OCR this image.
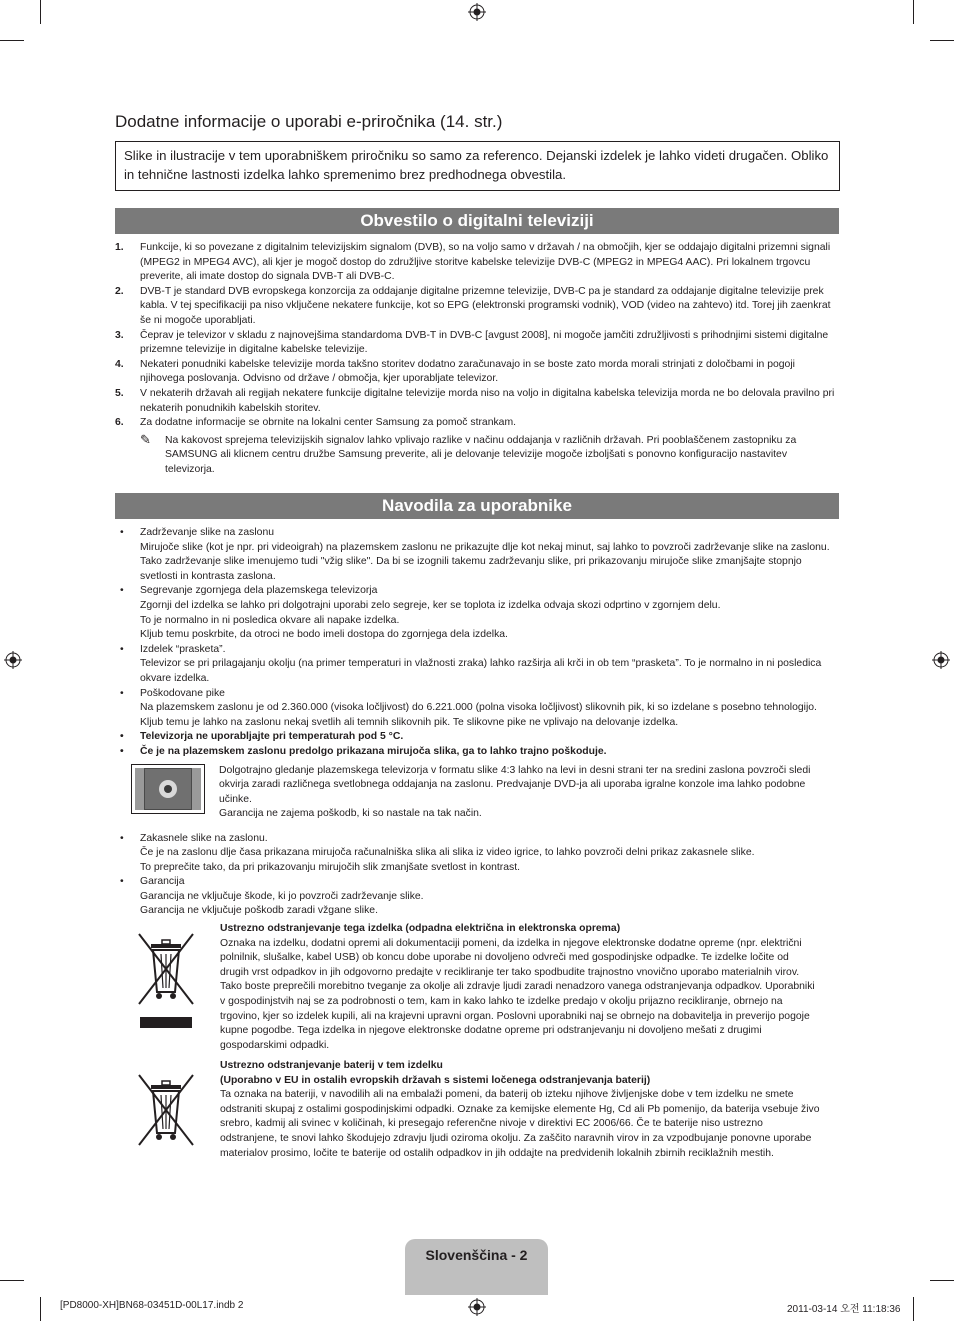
Dodatne informacije o uporabi e-priročnika (14. str.)
Slike in ilustracije v tem uporabniškem priročniku so samo za referenco. Dejanski izdelek je lahko videti drugačen. Obliko in tehnične lastnosti izdelka lahko spremenimo brez predhodnega obvestila.
Obvestilo o digitalni televiziji
1. Funkcije, ki so povezane z digitalnim televizijskim signalom (DVB), so na voljo samo v državah / na območjih, kjer se oddajajo digitalni prizemni signali (MPEG2 in MPEG4 AVC), ali kjer je mogoč dostop do združljive storitve kabelske televizije DVB-C (MPEG2 in MPEG4 AAC). Pri lokalnem trgovcu preverite, ali imate dostop do signala DVB-T ali DVB-C.
2. DVB-T je standard DVB evropskega konzorcija za oddajanje digitalne prizemne televizije, DVB-C pa je standard za oddajanje digitalne televizije prek kabla. V tej specifikaciji pa niso vključene nekatere funkcije, kot so EPG (elektronski programski vodnik), VOD (video na zahtevo) itd. Torej jih zaenkrat še ni mogoče uporabljati.
3. Čeprav je televizor v skladu z najnovejšima standardoma DVB-T in DVB-C [avgust 2008], ni mogoče jamčiti združljivosti s prihodnjimi sistemi digitalne prizemne televizije in digitalne kabelske televizije.
4. Nekateri ponudniki kabelske televizije morda takšno storitev dodatno zaračunavajo in se boste zato morda morali strinjati z določbami in pogoji njihovega poslovanja. Odvisno od države / območja, kjer uporabljate televizor.
5. V nekaterih državah ali regijah nekatere funkcije digitalne televizije morda niso na voljo in digitalna kabelska televizija morda ne bo delovala pravilno pri nekaterih ponudnikih kabelskih storitev.
6. Za dodatne informacije se obrnite na lokalni center Samsung za pomoč strankam.
✎ Na kakovost sprejema televizijskih signalov lahko vplivajo razlike v načinu oddajanja v različnih državah. Pri pooblaščenem zastopniku za SAMSUNG ali klicnem centru družbe Samsung preverite, ali je delovanje televizije mogoče izboljšati s ponovno konfiguracijo nastavitev televizorja.
Navodila za uporabnike
• Zadrževanje slike na zaslonu
Mirujoče slike (kot je npr. pri videoigrah) na plazemskem zaslonu ne prikazujte dlje kot nekaj minut, saj lahko to povzroči zadrževanje slike na zaslonu. Tako zadrževanje slike imenujemo tudi "vžig slike". Da bi se izognili takemu zadrževanju slike, pri prikazovanju mirujoče slike zmanjšajte stopnjo svetlosti in kontrasta zaslona.
• Segrevanje zgornjega dela plazemskega televizorja
Zgornji del izdelka se lahko pri dolgotrajni uporabi zelo segreje, ker se toplota iz izdelka odvaja skozi odprtino v zgornjem delu.
To je normalno in ni posledica okvare ali napake izdelka.
Kljub temu poskrbite, da otroci ne bodo imeli dostopa do zgornjega dela izdelka.
• Izdelek “prasketa”.
Televizor se pri prilagajanju okolju (na primer temperaturi in vlažnosti zraka) lahko razširja ali krči in ob tem “prasketa”. To je normalno in ni posledica okvare izdelka.
• Poškodovane pike
Na plazemskem zaslonu je od 2.360.000 (visoka ločljivost) do 6.221.000 (polna visoka ločljivost) slikovnih pik, ki so izdelane s posebno tehnologijo.
Kljub temu je lahko na zaslonu nekaj svetlih ali temnih slikovnih pik. Te slikovne pike ne vplivajo na delovanje izdelka.
• Televizorja ne uporabljajte pri temperaturah pod 5 °C.
• Če je na plazemskem zaslonu predolgo prikazana mirujoča slika, ga to lahko trajno poškoduje.
Dolgotrajno gledanje plazemskega televizorja v formatu slike 4:3 lahko na levi in desni strani ter na sredini zaslona povzroči sledi okvirja zaradi različnega svetlobnega oddajanja na zaslonu. Predvajanje DVD-ja ali uporaba igralne konzole ima lahko podobne učinke.
Garancija ne zajema poškodb, ki so nastale na tak način.
• Zakasnele slike na zaslonu.
Če je na zaslonu dlje časa prikazana mirujoča računalniška slika ali slika iz video igrice, to lahko povzroči delni prikaz zakasnele slike.
To preprečite tako, da pri prikazovanju mirujočih slik zmanjšate svetlost in kontrast.
• Garancija
Garancija ne vključuje škode, ki jo povzroči zadrževanje slike.
Garancija ne vključuje poškodb zaradi vžgane slike.
Ustrezno odstranjevanje tega izdelka (odpadna električna in elektronska oprema)
Oznaka na izdelku, dodatni opremi ali dokumentaciji pomeni, da izdelka in njegove elektronske dodatne opreme (npr. električni polnilnik, slušalke, kabel USB) ob koncu dobe uporabe ni dovoljeno odvreči med gospodinjske odpadke. Te izdelke ločite od drugih vrst odpadkov in jih odgovorno predajte v recikliranje ter tako spodbudite trajnostno vnovično uporabo materialnih virov. Tako boste preprečili morebitno tveganje za okolje ali zdravje ljudi zaradi nenadzoro vanega odstranjevanja odpadkov. Uporabniki v gospodinjstvih naj se za podrobnosti o tem, kam in kako lahko te izdelke predajo v okolju prijazno recikliranje, obrnejo na trgovino, kjer so izdelek kupili, ali na krajevni upravni organ. Poslovni uporabniki naj se obrnejo na dobavitelja in preverijo pogoje kupne pogodbe. Tega izdelka in njegove elektronske dodatne opreme pri odstranjevanju ni dovoljeno mešati z drugimi gospodarskimi odpadki.
Ustrezno odstranjevanje baterij v tem izdelku
(Uporabno v EU in ostalih evropskih državah s sistemi ločenega odstranjevanja baterij)
Ta oznaka na bateriji, v navodilih ali na embalaži pomeni, da baterij ob izteku njihove življenjske dobe v tem izdelku ne smete odstraniti skupaj z ostalimi gospodinjskimi odpadki. Oznake za kemijske elemente Hg, Cd ali Pb pomenijo, da baterija vsebuje živo srebro, kadmij ali svinec v količinah, ki presegajo referenčne nivoje v direktivi EC 2006/66. Če te baterije niso ustrezno odstranjene, te snovi lahko škodujejo zdravju ljudi oziroma okolju. Za zaščito naravnih virov in za vzpodbujanje ponovne uporabe materialov prosimo, ločite te baterije od ostalih odpadkov in jih oddajte na predvidenih lokalnih zbirnih reciklažnih mestih.
Slovenščina - 2
[PD8000-XH]BN68-03451D-00L17.indb 2	2011-03-14 오전 11:18:36
